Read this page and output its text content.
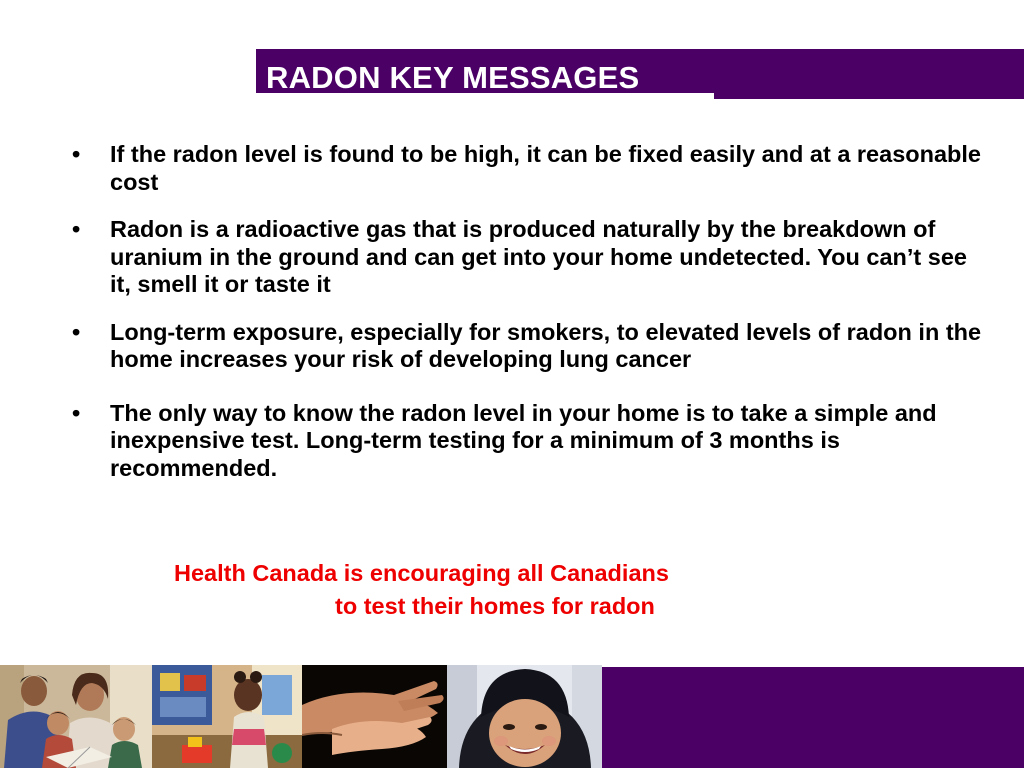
RADON KEY MESSAGES
• If the radon level is found to be high, it can be fixed easily and at a reasonable cost
• Radon is a radioactive gas that is produced naturally by the breakdown of uranium in the ground and can get into your home undetected. You can’t see it, smell it or taste it
• Long-term exposure, especially for smokers, to elevated levels of radon in the home increases your risk of developing lung cancer
• The only way to know the radon level in your home is to take a simple and inexpensive test. Long-term testing for a minimum of 3 months is recommended.

Health Canada is encouraging all Canadians

to test their homes for radon
